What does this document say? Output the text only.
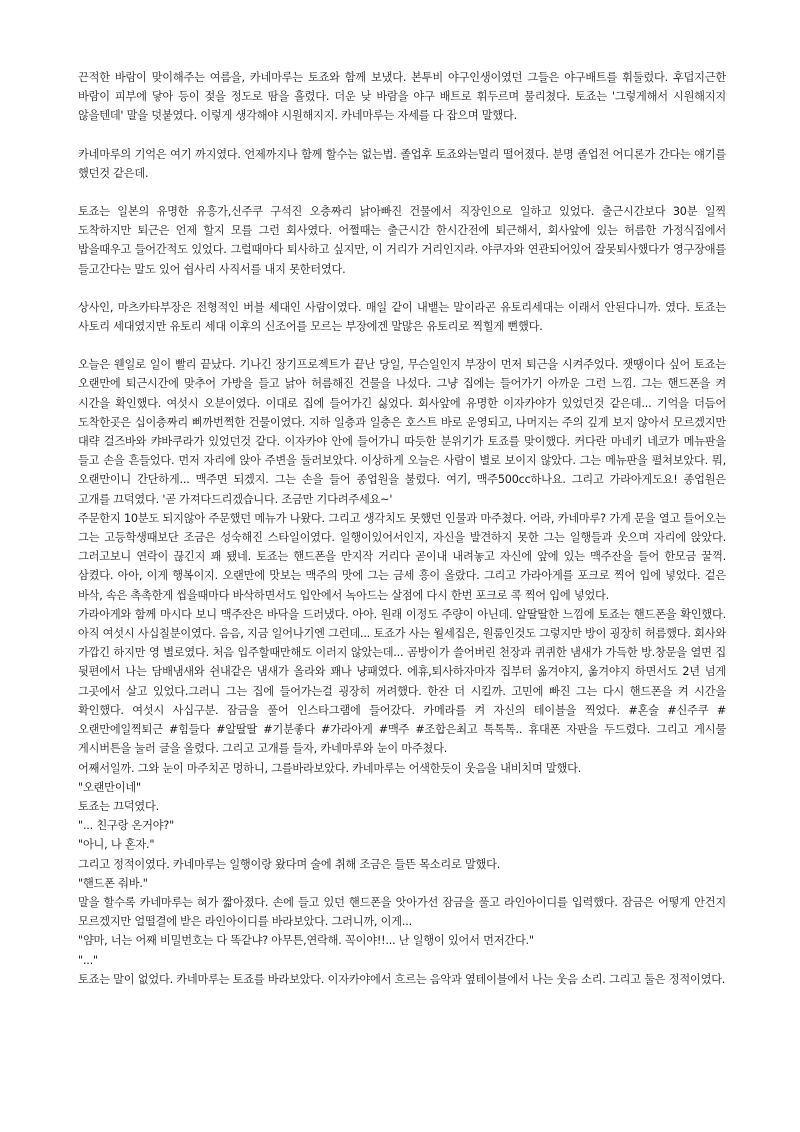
끈적한 바람이 맞이해주는 여름을, 카네마루는 토죠와 함께 보냈다. 본투비 야구인생이였던 그들은 야구배트를 휘둘렀다. 후덥지근한 바람이 피부에 닿아 등이 젖을 정도로 땀을 흘렸다. 더운 낮 바람을 야구 배트로 휘두르며 물리쳤다. 토죠는 '그렇게해서 시원해지지 않을텐데' 말을 덧붙였다. 이렇게 생각해야 시원해지지. 카네마루는 자세를 다 잡으며 말했다.

카네마루의 기억은 여기 까지였다. 언제까지나 함께 할수는 없는법. 졸업후 토죠와는멀리 떨어졌다. 분명 졸업전 어디론가 간다는 얘기를 했던것 같은데.

토죠는 일본의 유명한 유흥가,신주쿠 구석진 오층짜리 낡아빠진 건물에서 직장인으로 일하고 있었다. 출근시간보다 30분 일찍 도착하지만 퇴근은 언제 할지 모를 그런 회사였다. 어쩔때는 출근시간 한시간전에 퇴근해서, 회사앞에 있는 허름한 가정식집에서 밥을때우고 들어간적도 있었다. 그럴때마다 퇴사하고 싶지만, 이 거리가 거리인지라. 야쿠자와 연관되어있어 잘못퇴사했다가 영구장애를 들고간다는 말도 있어 쉽사리 사직서를 내지 못한터였다.

상사인, 마츠카타부장은 전형적인 버블 세대인 사람이였다. 매일 같이 내뱉는 말이라곤 유토리세대는 이래서 안된다니까. 였다. 토죠는 사토리 세대였지만 유토리 세대 이후의 신조어를 모르는 부장에겐 말많은 유토리로 찍힐게 뻔했다.

오늘은 웬일로 일이 빨리 끝났다. 기나긴 장기프로젝트가 끝난 당일, 무슨일인지 부장이 먼저 퇴근을 시켜주었다. 잿땡이다 싶어 토죠는 오랜만에 퇴근시간에 맞추어 가방을 들고 낡아 허름해진 건물을 나섰다. 그냥 집에는 들어가기 아까운 그런 느낌. 그는 핸드폰을 켜 시간을 확인했다. 여섯시 오분이였다. 이대로 집에 들어가긴 싫었다. 회사앞에 유명한 이자카야가 있었던것 같은데... 기억을 더듬어 도착한곳은 십이층짜리 삐까번쩍한 건물이였다. 지하 일층과 일층은 호스트 바로 운영되고, 나머지는 주의 깊게 보지 않아서 모르겠지만 대략 걸즈바와 캬바쿠라가 있었던것 같다. 이자카야 안에 들어가니 따듯한 분위기가 토죠를 맞이했다. 커다란 마네키 네코가 메뉴판을 들고 손을 흔들었다. 먼저 자리에 앉아 주변을 둘러보았다. 이상하게 오늘은 사람이 별로 보이지 않았다. 그는 메뉴판을 펼쳐보았다. 뭐, 오랜만이니 간단하게... 맥주면 되겠지. 그는 손을 들어 종업원을 불렀다. 여기, 맥주500cc하나요. 그리고 가라아게도요! 종업원은 고개를 끄덕였다. '곧 가져다드리겠습니다. 조금만 기다려주세요~'

주문한지 10분도 되지않아 주문했던 메뉴가 나왔다. 그리고 생각치도 못했던 인물과 마주쳤다. 어라, 카네마루? 가게 문을 열고 들어오는 그는 고등학생때보단 조금은 성숙해진 스타일이였다. 일행이있어서인지, 자신을 발견하지 못한 그는 일행들과 웃으며 자리에 앉았다. 그러고보니 연락이 끊긴지 꽤 됐네. 토죠는 핸드폰을 만지작 거리다 곧이내 내려놓고 자신에 앞에 있는 맥주잔을 들어 한모금 꿀꺽. 삼켰다. 아아, 이게 행복이지. 오랜만에 맛보는 맥주의 맛에 그는 금세 흥이 올랐다. 그리고 가라아게를 포크로 찍어 입에 넣었다. 겉은 바삭, 속은 촉촉한게 씹을때마다 바삭하면서도 입안에서 녹아드는 살점에 다시 한번 포크로 콕 찍어 입에 넣었다.

가라아게와 함께 마시다 보니 맥주잔은 바닥을 드러냈다. 아아. 원래 이정도 주량이 아닌데. 알딸딸한 느낌에 토죠는 핸드폰을 확인했다. 아직 여섯시 사십칠분이였다. 음음, 지금 일어나기엔 그런데... 토죠가 사는 월세집은, 원룸인것도 그렇지만 방이 굉장히 허름했다. 회사와 가깝긴 하지만 영 별로였다. 처음 입주할때만해도 이러지 않았는데... 곰방이가 쓸어버린 천장과 퀴퀴한 냄새가 가득한 방.창문을 열면 집 뒷편에서 나는 담배냄새와 쉰내같은 냄새가 올라와 꽤나 냥패였다. 에휴,퇴사하자마자 집부터 옮겨야지, 옮겨야지 하면서도 2년 넘게 그곳에서 살고 있었다.그러니 그는 집에 들어가는걸 굉장히 꺼려했다. 한잔 더 시킬까. 고민에 빠진 그는 다시 핸드폰을 켜 시간을 확인했다. 여섯시 사십구분. 잠금을 풀어 인스타그램에 들어갔다. 카메라를 켜 자신의 테이블을 찍었다. #혼술 #신주쿠 #오랜만에일찍퇴근 #힘들다 #알딸딸 #기분좋다 #가라아게 #맥주 #조합은최고 톡톡톡.. 휴대폰 자판을 두드렸다. 그리고 게시물 게시버튼을 눌러 글을 올렸다. 그리고 고개를 들자, 카네마루와 눈이 마주쳤다.

어째서일까. 그와 눈이 마주치곤 멍하니, 그를바라보았다. 카네마루는 어색한듯이 웃음을 내비치며 말했다.

"오랜만이네"

토죠는 끄덕였다.

"... 친구랑 온거야?"

"아니, 나 혼자."

그리고 정적이였다. 카네마루는 일행이랑 왔다며 술에 취해 조금은 들뜬 목소리로 말했다.

"핸드폰 줘바."

말을 할수록 카네마루는 혀가 짧아졌다. 손에 들고 있던 핸드폰을 앗아가선 잠금을 풀고 라인아이디를 입력했다. 잠금은 어떻게 안건지 모르겠지만 얼떨결에 받은 라인아이디를 바라보았다. 그러니까, 이게...

"얌마, 너는 어째 비밀번호는 다 똑같냐? 아무튼,연락해. 꼭이야!!... 난 일행이 있어서 먼저간다."

"..."

토죠는 말이 없었다. 카네마루는 토죠를 바라보았다. 이자카야에서 흐르는 음악과 옆테이블에서 나는 웃음 소리. 그리고 둘은 정적이였다.
